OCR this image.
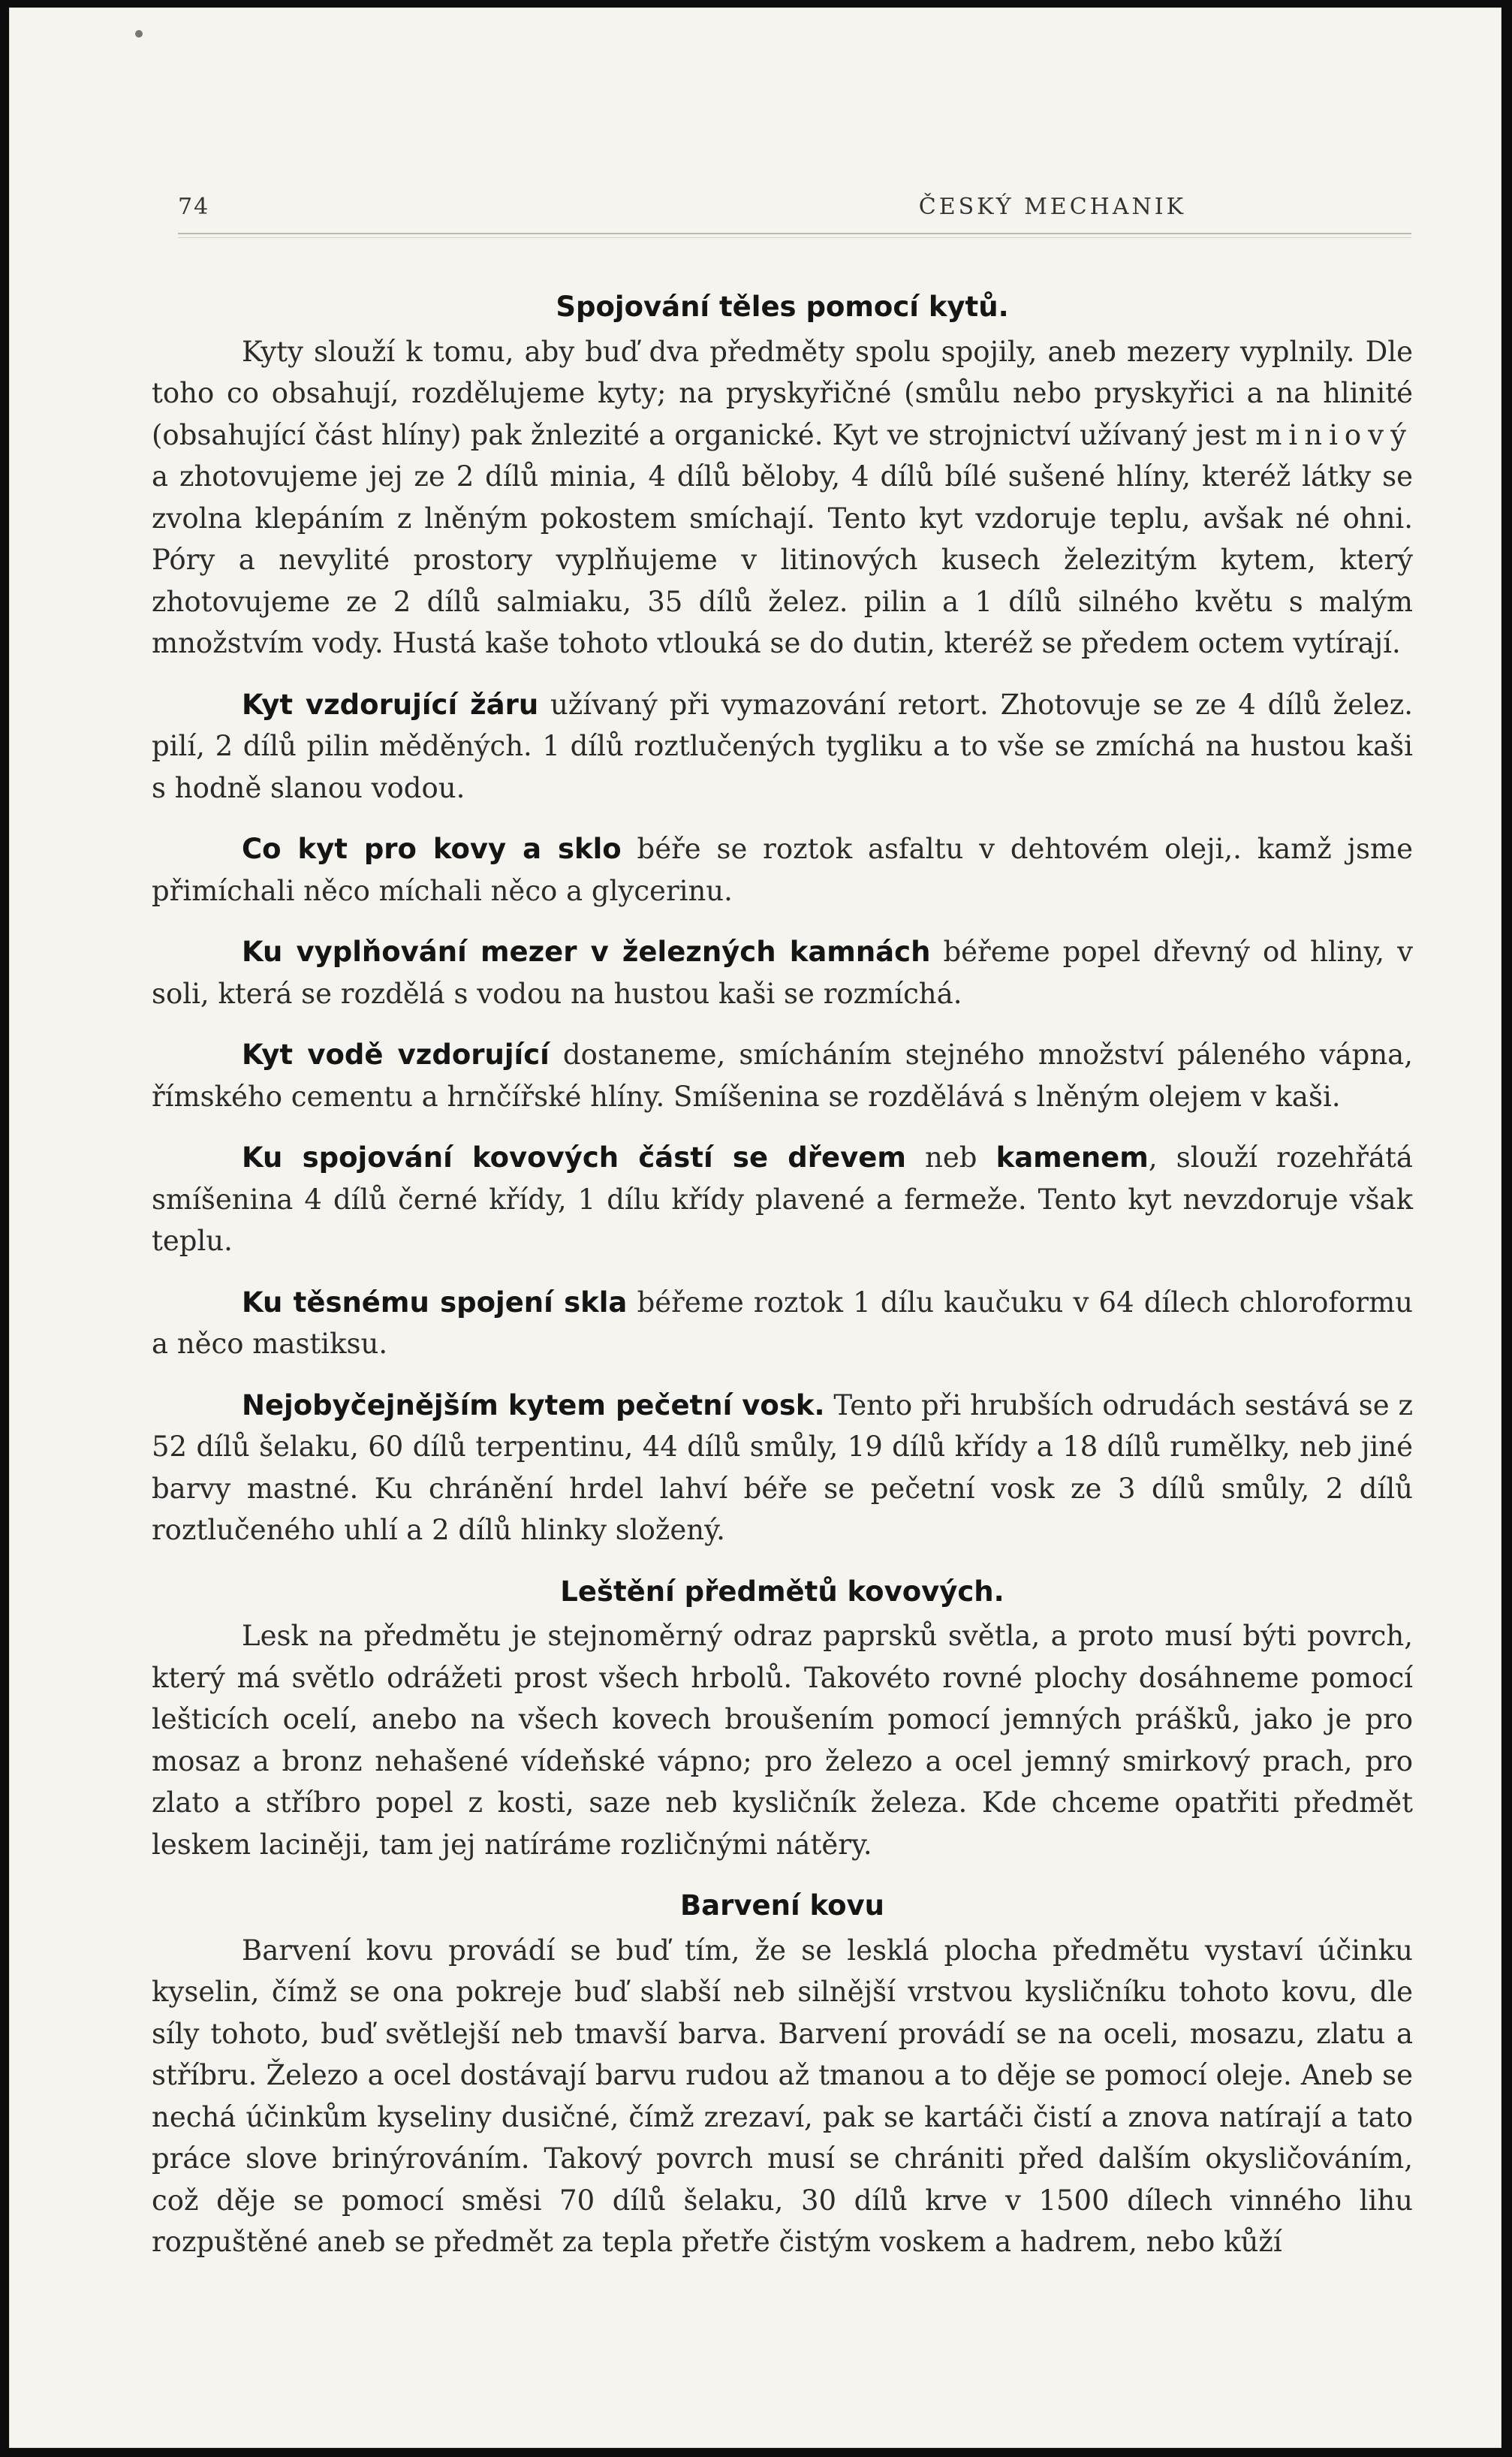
74	ČESKÝ MECHANIK

Spojování těles pomocí kytů.

Kyty slouží k tomu, aby buď dva předměty spolu spojily, aneb mezery vyplnily. Dle toho co obsahují, rozdělujeme kyty; na pryskyřičné (smůlu nebo pryskyřici a na hlinité (obsahující část hlíny) pak žnlezité a organické. Kyt ve strojnictví užívaný jest miniový a zhotovujeme jej ze 2 dílů minia, 4 dílů běloby, 4 dílů bílé sušené hlíny, kteréž látky se zvolna klepáním z lněným pokostem smíchají. Tento kyt vzdoruje teplu, avšak né ohni. Póry a nevylité prostory vyplňujeme v litinových kusech železitým kytem, který zhotovujeme ze 2 dílů salmiaku, 35 dílů želez. pilin a 1 dílů silného květu s malým množstvím vody. Hustá kaše tohoto vtlouká se do dutin, kteréž se předem octem vytírají.

Kyt vzdorující žáru užívaný při vymazování retort. Zhotovuje se ze 4 dílů želez. pilí, 2 dílů pilin měděných. 1 dílů roztlučených tygliku a to vše se zmíchá na hustou kaši s hodně slanou vodou.

Co kyt pro kovy a sklo béře se roztok asfaltu v dehtovém oleji,. kamž jsme přimíchali něco míchali něco a glycerinu.

Ku vyplňování mezer v železných kamnách béřeme popel dřevný od hliny, v soli, která se rozdělá s vodou na hustou kaši se rozmíchá.

Kyt vodě vzdorující dostaneme, smícháním stejného množství páleného vápna, římského cementu a hrnčířské hlíny. Smíšenina se rozdělává s lněným olejem v kaši.

Ku spojování kovových částí se dřevem neb kamenem, slouží rozehřátá smíšenina 4 dílů černé křídy, 1 dílu křídy plavené a fermeže. Tento kyt nevzdoruje však teplu.

Ku těsnému spojení skla béřeme roztok 1 dílu kaučuku v 64 dílech chloroformu a něco mastiksu.

Nejobyčejnějším kytem pečetní vosk. Tento při hrubších odrudách sestává se z 52 dílů šelaku, 60 dílů terpentinu, 44 dílů smůly, 19 dílů křídy a 18 dílů rumělky, neb jiné barvy mastné. Ku chránění hrdel lahví béře se pečetní vosk ze 3 dílů smůly, 2 dílů roztlučeného uhlí a 2 dílů hlinky složený.

Leštění předmětů kovových.

Lesk na předmětu je stejnoměrný odraz paprsků světla, a proto musí býti povrch, který má světlo odrážeti prost všech hrbolů. Takovéto rovné plochy dosáhneme pomocí lešticích ocelí, anebo na všech kovech broušením pomocí jemných prášků, jako je pro mosaz a bronz nehašené vídeňské vápno; pro železo a ocel jemný smirkový prach, pro zlato a stříbro popel z kosti, saze neb kysličník železa. Kde chceme opatřiti předmět leskem laciněji, tam jej natíráme rozličnými nátěry.

Barvení kovu

Barvení kovu provádí se buď tím, že se lesklá plocha předmětu vystaví účinku kyselin, čímž se ona pokreje buď slabší neb silnější vrstvou kysličníku tohoto kovu, dle síly tohoto, buď světlejší neb tmavší barva. Barvení provádí se na oceli, mosazu, zlatu a stříbru. Železo a ocel dostávají barvu rudou až tmanou a to děje se pomocí oleje. Aneb se nechá účinkům kyseliny dusičné, čímž zrezaví, pak se kartáči čistí a znova natírají a tato práce slove brinýrováním. Takový povrch musí se chrániti před dalším okysličováním, což děje se pomocí směsi 70 dílů šelaku, 30 dílů krve v 1500 dílech vinného lihu rozpuštěné aneb se předmět za tepla přetře čistým voskem a hadrem, nebo kůží
